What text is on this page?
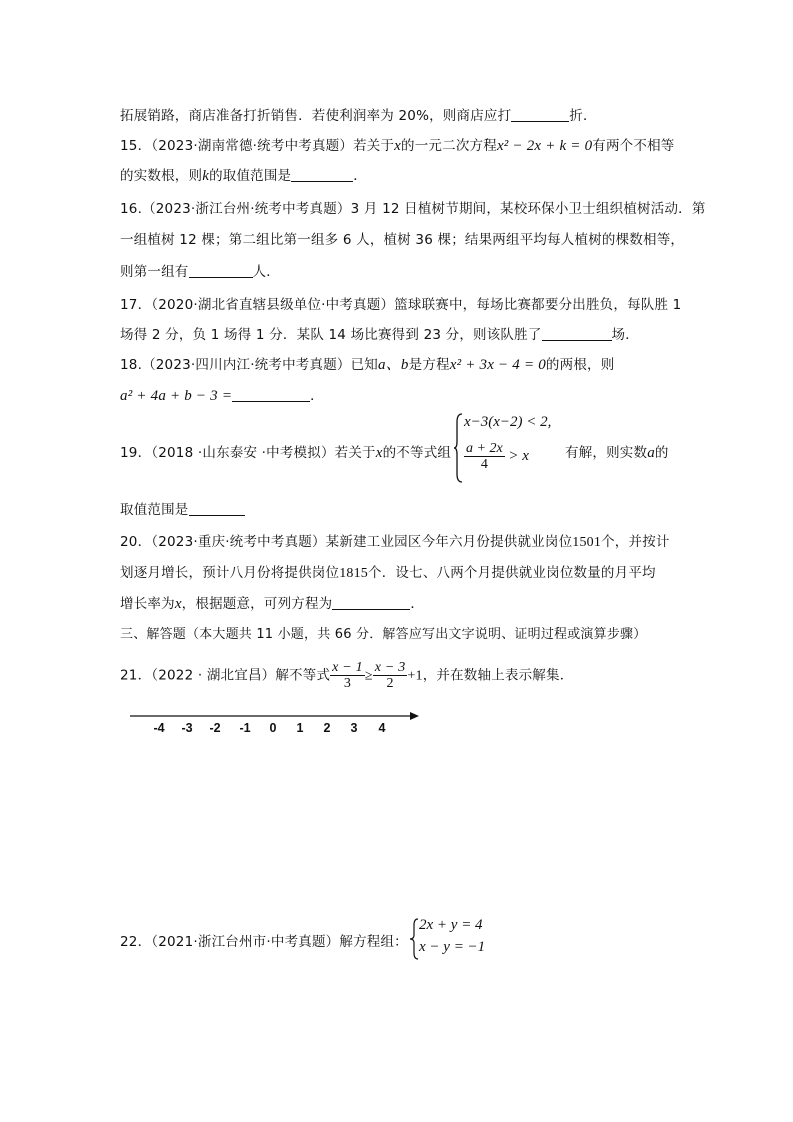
拓展销路，商店准备打折销售．若使利润率为 20%，则商店应打	折．
15．（2023·湖南常德·统考中考真题）若关于x的一元二次方程x² − 2x + k = 0有两个不相等
的实数根，则k的取值范围是	．
16.（2023·浙江台州·统考中考真题）3 月 12 日植树节期间，某校环保小卫士组织植树活动．第
一组植树 12 棵；第二组比第一组多 6 人，植树 36 棵；结果两组平均每人植树的棵数相等，
则第一组有	人．
17．（2020·湖北省直辖县级单位·中考真题）篮球联赛中，每场比赛都要分出胜负，每队胜 1
场得 2 分，负 1 场得 1 分．某队 14 场比赛得到 23 分，则该队胜了	场．
18.（2023·四川内江·统考中考真题）已知a、b是方程x² + 3x − 4 = 0的两根，则
a² + 4a + b − 3 =	．
19．（2018 ·山东泰安 ·中考模拟）若关于x的不等式组
x−3(x−2) < 2,
$\frac{a + 2x}{4} > x$	有解，则实数a的
取值范围是
20．（2023·重庆·统考中考真题）某新建工业园区今年六月份提供就业岗位1501个，并按计
划逐月增长，预计八月份将提供岗位1815个．设七、八两个月提供就业岗位数量的月平均
增长率为x，根据题意，可列方程为	．
三、解答题（本大题共 11 小题，共 66 分．解答应写出文字说明、证明过程或演算步骤）
21．（2022 · 湖北宜昌）解不等式 $\frac{x - 1}{3} \ge \frac{x - 3}{2} +1$，并在数轴上表示解集．
-4 -3 -2 -1 0 1 2 3 4
22．（2021·浙江台州市·中考真题）解方程组：
2x + y = 4
x − y = −1
